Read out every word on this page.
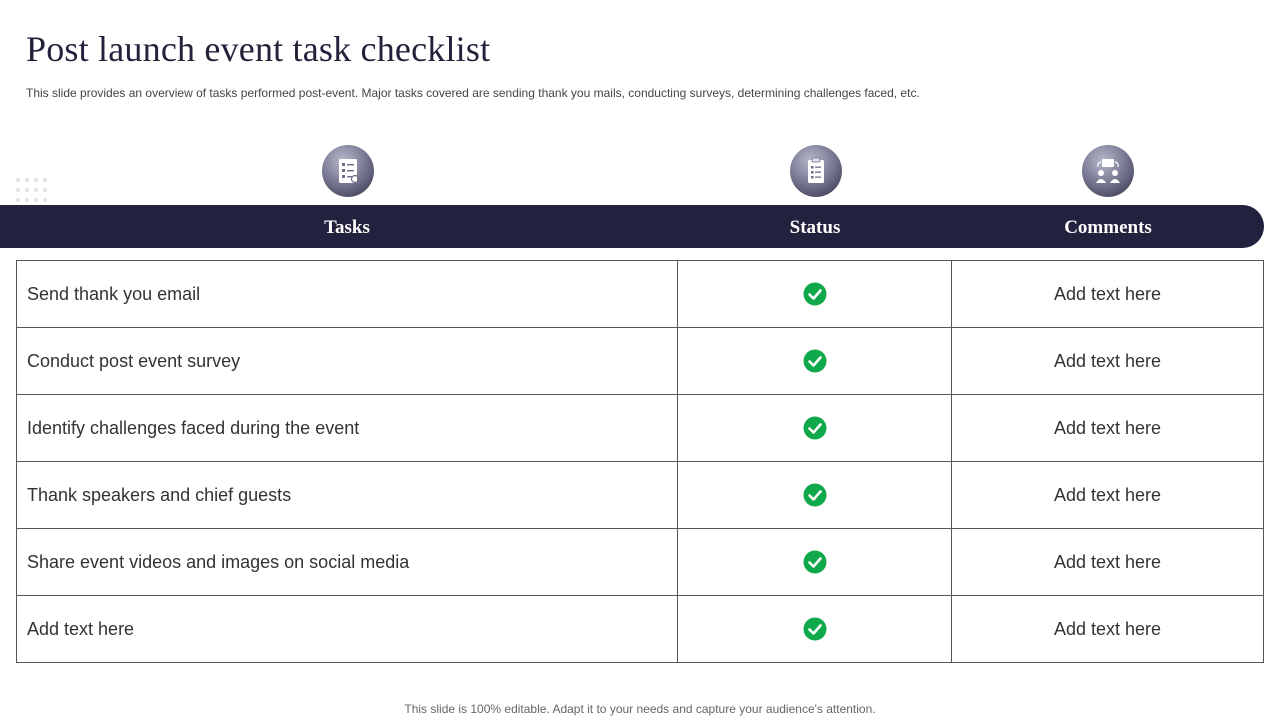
Post launch event task checklist

This slide provides an overview of tasks performed post-event. Major tasks covered are sending thank you mails, conducting surveys, determining challenges faced, etc.

Tasks	Status	Comments
Send thank you email		Add text here
Conduct post event survey		Add text here
Identify challenges faced during the event		Add text here
Thank speakers and chief guests		Add text here
Share event videos and images on social media		Add text here
Add text here		Add text here
This slide is 100% editable. Adapt it to your needs and capture your audience's attention.
